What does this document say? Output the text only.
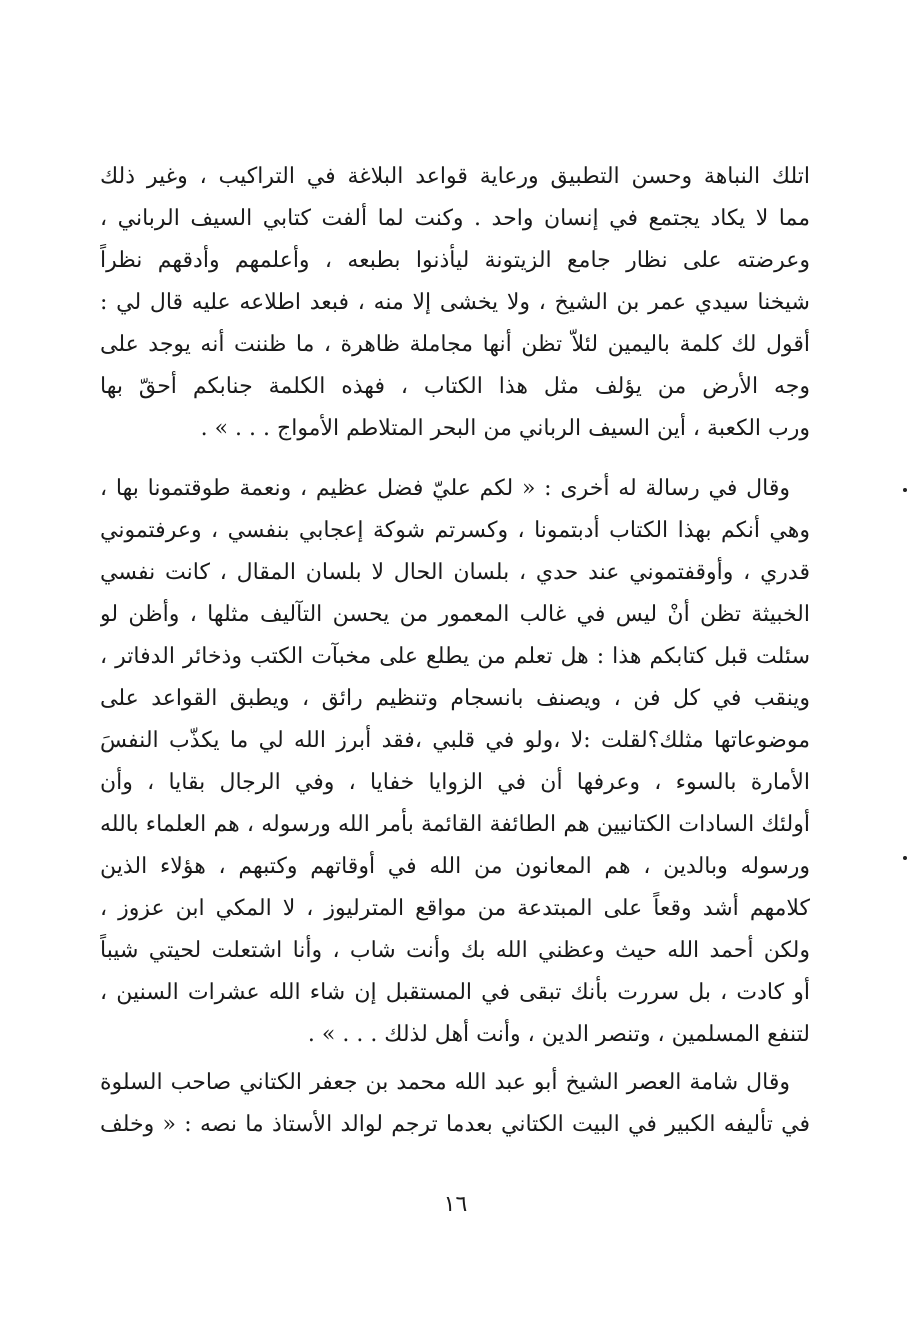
اتلك النباهة وحسن التطبيق ورعاية قواعد البلاغة في التراكيب ، وغير ذلك
مما لا يكاد يجتمع في إنسان واحد . وكنت لما ألفت كتابي السيف الرباني ،
وعرضته على نظار جامع الزيتونة ليأذنوا بطبعه ، وأعلمهم وأدقهم نظراً
شيخنا سيدي عمر بن الشيخ ، ولا يخشى إلا منه ، فبعد اطلاعه عليه قال لي :
أقول لك كلمة باليمين لئلاّ تظن أنها مجاملة ظاهرة ، ما ظننت أنه يوجد على
وجه الأرض من يؤلف مثل هذا الكتاب ، فهذه الكلمة جنابكم أحقّ بها
ورب الكعبة ، أين السيف الرباني من البحر المتلاطم الأمواج . . . » .
وقال في رسالة له أخرى : « لكم عليّ فضل عظيم ، ونعمة طوقتمونا بها ،
وهي أنكم بهذا الكتاب أدبتمونا ، وكسرتم شوكة إعجابي بنفسي ، وعرفتموني
قدري ، وأوقفتموني عند حدي ، بلسان الحال لا بلسان المقال ، كانت نفسي
الخبيثة تظن أنْ ليس في غالب المعمور من يحسن التآليف مثلها ، وأظن لو
سئلت قبل كتابكم هذا : هل تعلم من يطلع على مخبآت الكتب وذخائر الدفاتر ،
وينقب في كل فن ، ويصنف بانسجام وتنظيم رائق ، ويطبق القواعد على
موضوعاتها مثلك؟لقلت :لا ،ولو في قلبي ،فقد أبرز الله لي ما يكذّب النفسَ
الأمارة بالسوء ، وعرفها أن في الزوايا خفايا ، وفي الرجال بقايا ، وأن
أولئك السادات الكتانيين هم الطائفة القائمة بأمر الله ورسوله ، هم العلماء بالله
ورسوله وبالدين ، هم المعانون من الله في أوقاتهم وكتبهم ، هؤلاء الذين
كلامهم أشد وقعاً على المبتدعة من مواقع المترليوز ، لا المكي ابن عزوز ،
ولكن أحمد الله حيث وعظني الله بك وأنت شاب ، وأنا اشتعلت لحيتي شيباً
أو كادت ، بل سررت بأنك تبقى في المستقبل إن شاء الله عشرات السنين ،
لتنفع المسلمين ، وتنصر الدين ، وأنت أهل لذلك . . . » .
وقال شامة العصر الشيخ أبو عبد الله محمد بن جعفر الكتاني صاحب السلوة
في تأليفه الكبير في البيت الكتاني بعدما ترجم لوالد الأستاذ ما نصه : « وخلف
١٦
